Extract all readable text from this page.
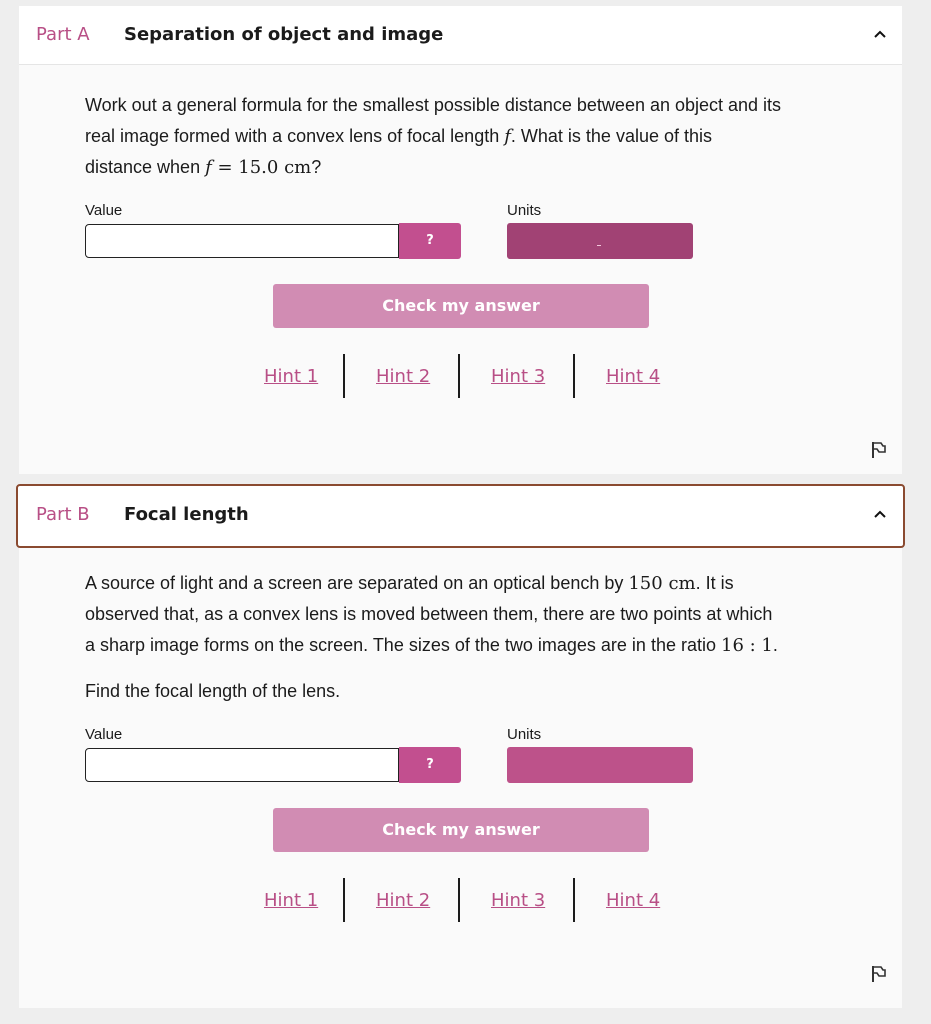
Part A Separation of object and image
Work out a general formula for the smallest possible distance between an object and its
real image formed with a convex lens of focal length f. What is the value of this
distance when f = 15.0 cm?
Value	Units
?
Check my answer
Hint 1	Hint 2	Hint 3	Hint 4
Part B Focal length
A source of light and a screen are separated on an optical bench by 150 cm. It is
observed that, as a convex lens is moved between them, there are two points at which
a sharp image forms on the screen. The sizes of the two images are in the ratio 16 : 1.
Find the focal length of the lens.
Value	Units
?
Check my answer
Hint 1	Hint 2	Hint 3	Hint 4
